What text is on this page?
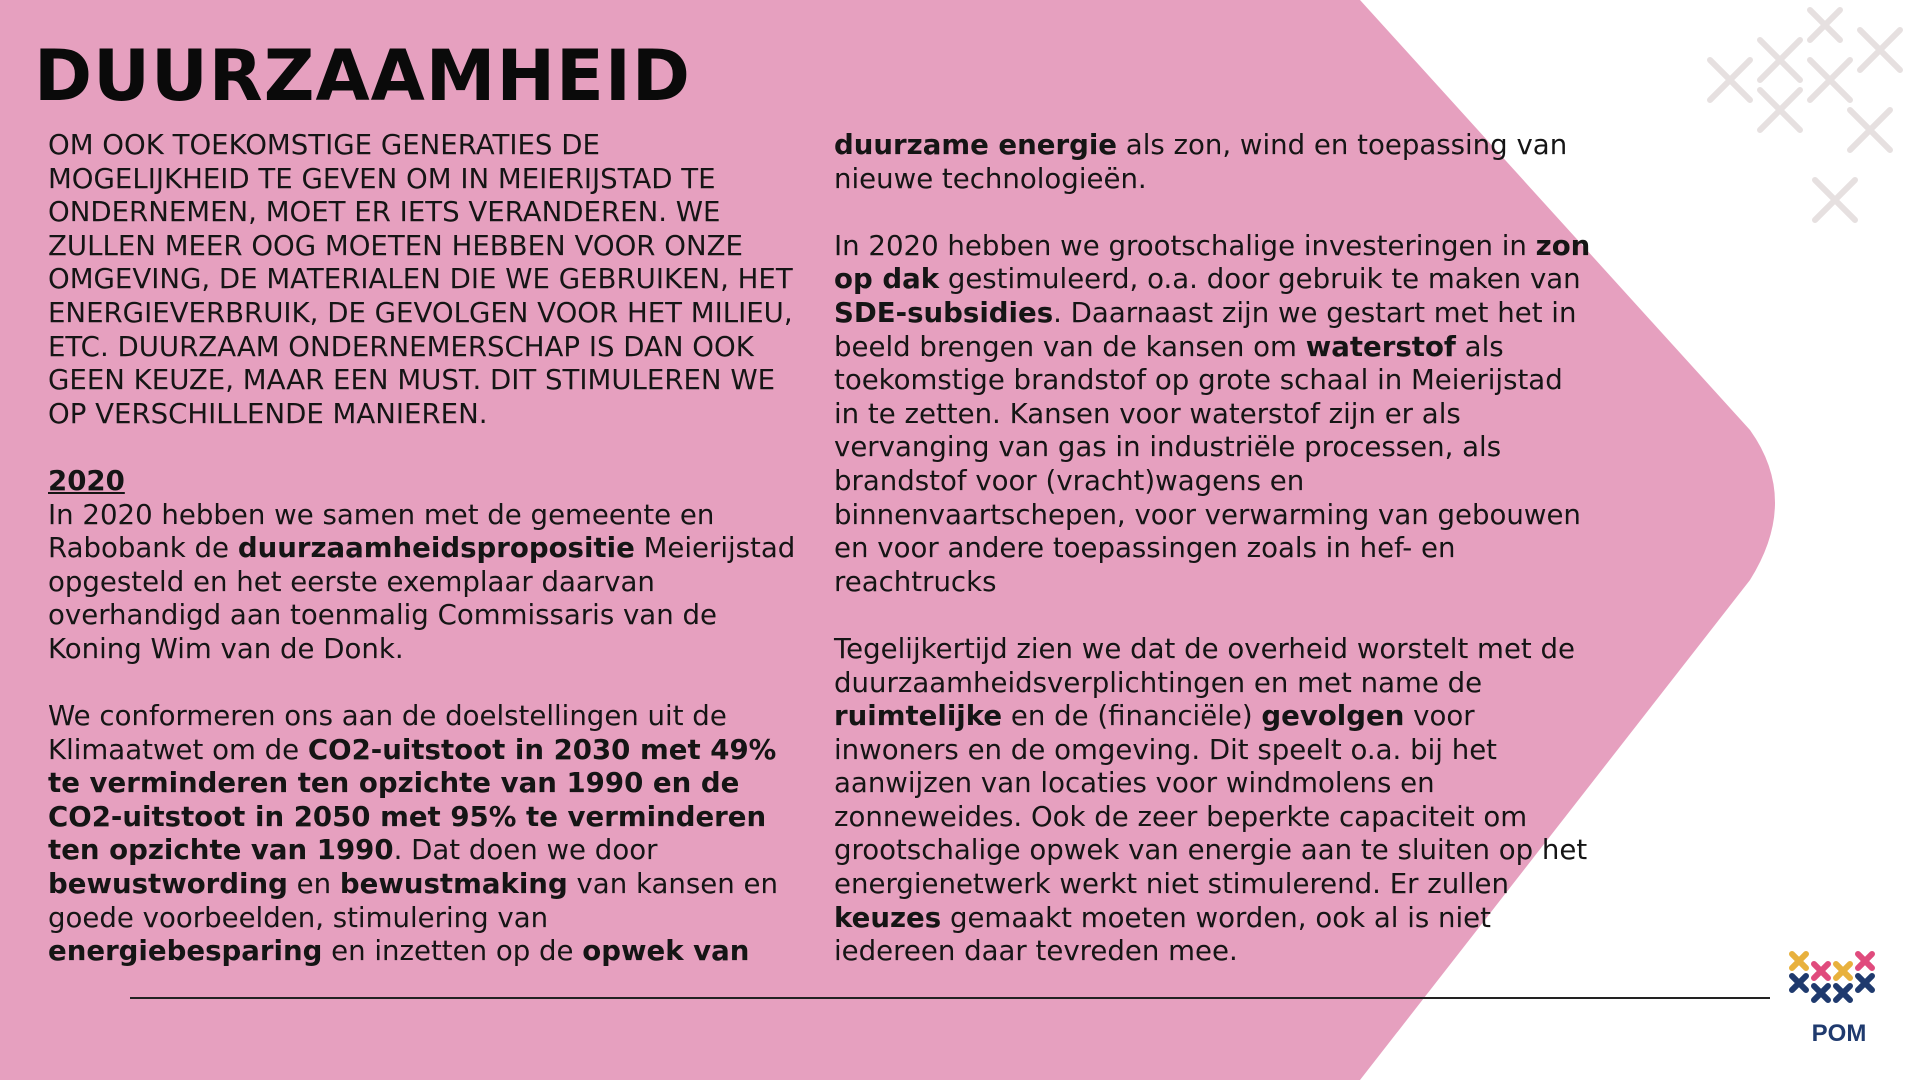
DUURZAAMHEID

OM OOK TOEKOMSTIGE GENERATIES DE MOGELIJKHEID TE GEVEN OM IN MEIERIJSTAD TE ONDERNEMEN, MOET ER IETS VERANDEREN. WE ZULLEN MEER OOG MOETEN HEBBEN VOOR ONZE OMGEVING, DE MATERIALEN DIE WE GEBRUIKEN, HET ENERGIEVERBRUIK, DE GEVOLGEN VOOR HET MILIEU, ETC. DUURZAAM ONDERNEMERSCHAP IS DAN OOK GEEN KEUZE, MAAR EEN MUST. DIT STIMULEREN WE OP VERSCHILLENDE MANIEREN.

2020

In 2020 hebben we samen met de gemeente en Rabobank de duurzaamheidspropositie Meierijstad opgesteld en het eerste exemplaar daarvan overhandigd aan toenmalig Commissaris van de Koning Wim van de Donk.

We conformeren ons aan de doelstellingen uit de Klimaatwet om de CO2-uitstoot in 2030 met 49% te verminderen ten opzichte van 1990 en de CO2-uitstoot in 2050 met 95% te verminderen ten opzichte van 1990. Dat doen we door bewustwording en bewustmaking van kansen en goede voorbeelden, stimulering van energiebesparing en inzetten op de opwek van

duurzame energie als zon, wind en toepassing van nieuwe technologieën.

In 2020 hebben we grootschalige investeringen in zon op dak gestimuleerd, o.a. door gebruik te maken van SDE-subsidies. Daarnaast zijn we gestart met het in beeld brengen van de kansen om waterstof als toekomstige brandstof op grote schaal in Meierijstad in te zetten. Kansen voor waterstof zijn er als vervanging van gas in industriële processen, als brandstof voor (vracht)wagens en binnenvaartschepen, voor verwarming van gebouwen en voor andere toepassingen zoals in hef- en reachtrucks

Tegelijkertijd zien we dat de overheid worstelt met de duurzaamheidsverplichtingen en met name de ruimtelijke en de (financiële) gevolgen voor inwoners en de omgeving. Dit speelt o.a. bij het aanwijzen van locaties voor windmolens en zonneweides. Ook de zeer beperkte capaciteit om grootschalige opwek van energie aan te sluiten op het energienetwerk werkt niet stimulerend. Er zullen keuzes gemaakt moeten worden, ook al is niet iedereen daar tevreden mee.

POM
